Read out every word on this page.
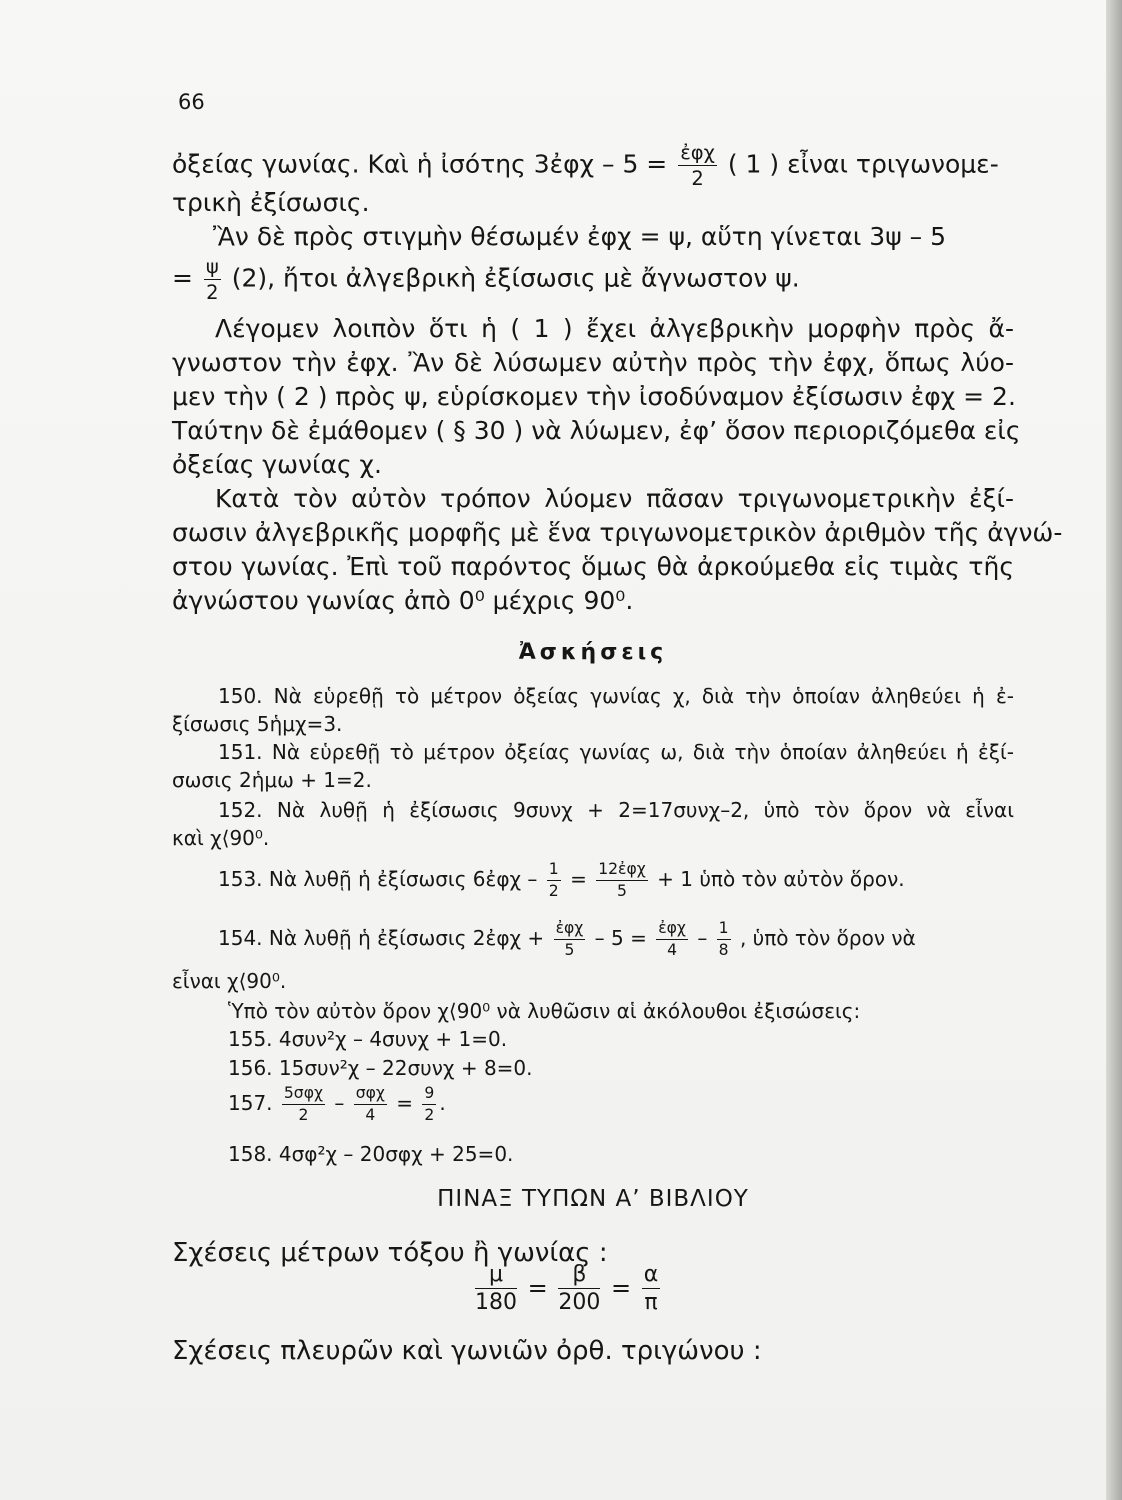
66
ὀξείας γωνίας. Καὶ ἡ ἰσότης 3ἐφχ – $5 = \frac{\text{ἐφχ}}{2}$ ( 1 ) εἶναι τριγωνομε-
τρικὴ ἐξίσωσις.
Ἂν δὲ πρὸς στιγμὴν θέσωμέν ἐφχ = ψ, αὕτη γίνεται 3ψ – 5
= $\frac{\psi}{2} (2)$, ἤτοι ἀλγεβρικὴ ἐξίσωσις μὲ ἄγνωστον ψ.
Λέγομεν λοιπὸν ὅτι ἡ ( 1 ) ἔχει ἀλγεβρικὴν μορφὴν πρὸς ἄ-
γνωστον τὴν ἐφχ. Ἂν δὲ λύσωμεν αὐτὴν πρὸς τὴν ἐφχ, ὅπως λύο-
μεν τὴν ( 2 ) πρὸς ψ, εὑρίσκομεν τὴν ἰσοδύναμον ἐξίσωσιν ἐφχ = 2.
Ταύτην δὲ ἐμάθομεν ( § 30 ) νὰ λύωμεν, ἐφ’ ὅσον περιοριζόμεθα εἰς
ὀξείας γωνίας χ.
Κατὰ τὸν αὐτὸν τρόπον λύομεν πᾶσαν τριγωνομετρικὴν ἐξί-
σωσιν ἀλγεβρικῆς μορφῆς μὲ ἕνα τριγωνομετρικὸν ἀριθμὸν τῆς ἀγνώ-
στου γωνίας. Ἐπὶ τοῦ παρόντος ὅμως θὰ ἀρκούμεθα εἰς τιμὰς τῆς
ἀγνώστου γωνίας ἀπὸ 0⁰ μέχρις 90⁰.
Ἀσκήσεις
150. Νὰ εὑρεθῇ τὸ μέτρον ὀξείας γωνίας χ, διὰ τὴν ὁποίαν ἀληθεύει ἡ ἐ-
ξίσωσις 5ἡμχ=3.
151. Νὰ εὑρεθῇ τὸ μέτρον ὀξείας γωνίας ω, διὰ τὴν ὁποίαν ἀληθεύει ἡ ἐξί-
σωσις 2ἡμω + 1=2.
152. Νὰ λυθῇ ἡ ἐξίσωσις 9συνχ + 2=17συνχ–2, ὑπὸ τὸν ὅρον νὰ εἶναι
καὶ χ⟨90⁰.
153. Νὰ λυθῇ ἡ ἐξίσωσις 6ἐφχ – $\frac{1}{2} = \frac{\text{12ἐφχ}}{5} + 1$ ὑπὸ τὸν αὐτὸν ὅρον.
154. Νὰ λυθῇ ἡ ἐξίσωσις 2ἐφχ + $\frac{\text{ἐφχ}}{5} - 5 = \frac{\text{ἐφχ}}{4} - \frac{1}{8}$ , ὑπὸ τὸν ὅρον νὰ
εἶναι χ⟨90⁰.
Ὑπὸ τὸν αὐτὸν ὅρον χ⟨90⁰ νὰ λυθῶσιν αἱ ἀκόλουθοι ἐξισώσεις:
155. 4συν²χ – 4συνχ + 1=0.
156. 15συν²χ – 22συνχ + 8=0.
157. $\frac{\text{5σφχ}}{2} - \frac{\text{σφχ}}{4} = \frac{9}{2}$ .
158. 4σφ²χ – 20σφχ + 25=0.
ΠΙΝΑΞ ΤΥΠΩΝ Α’ ΒΙΒΛΙΟΥ
Σχέσεις μέτρων τόξου ἢ γωνίας :
$\frac{\mu}{180} = \frac{\beta}{200} = \frac{\alpha}{\pi}$
Σχέσεις πλευρῶν καὶ γωνιῶν ὀρθ. τριγώνου :
